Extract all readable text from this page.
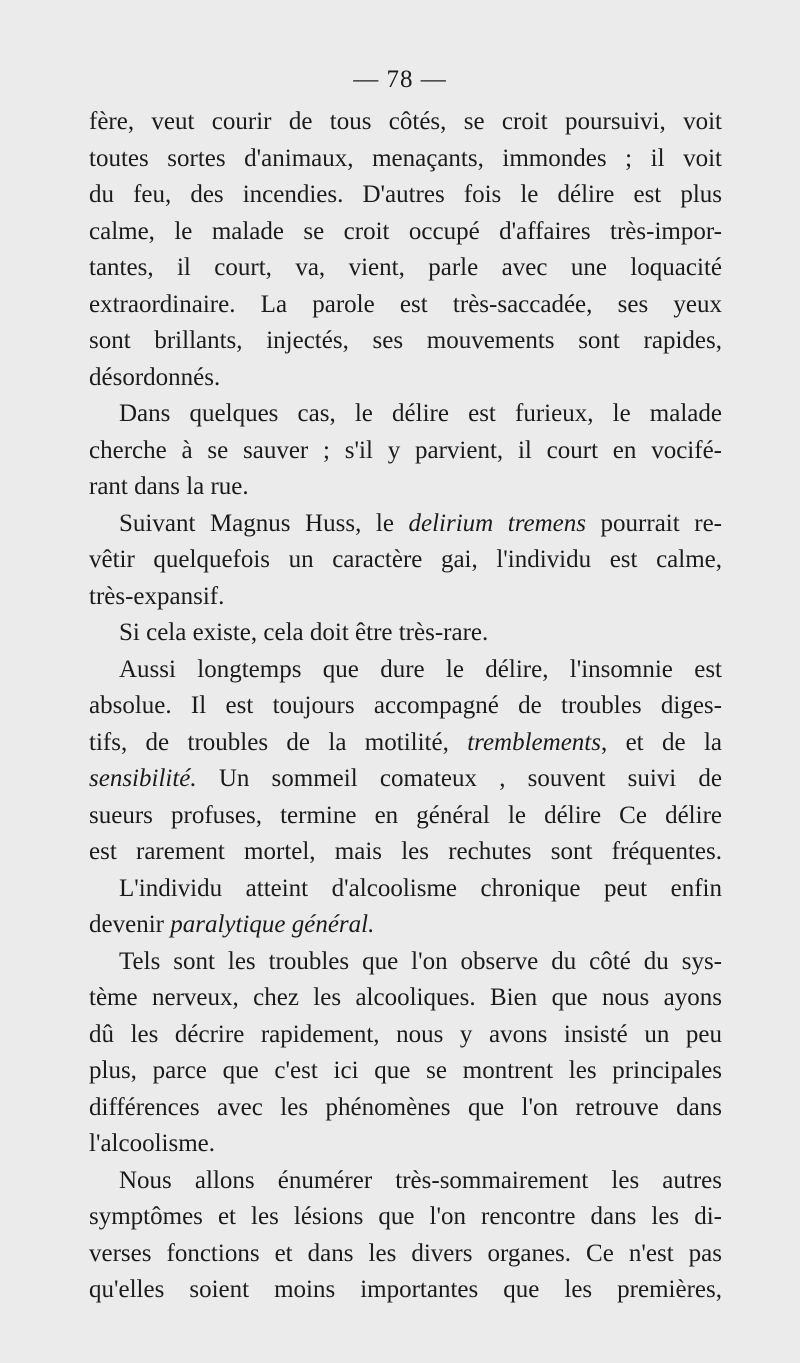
— 78 —
fère, veut courir de tous côtés, se croit poursuivi, voit
toutes sortes d'animaux, menaçants, immondes ; il voit
du feu, des incendies. D'autres fois le délire est plus
calme, le malade se croit occupé d'affaires très-impor-
tantes, il court, va, vient, parle avec une loquacité
extraordinaire. La parole est très-saccadée, ses yeux
sont brillants, injectés, ses mouvements sont rapides,
désordonnés.
Dans quelques cas, le délire est furieux, le malade
cherche à se sauver ; s'il y parvient, il court en vocifé-
rant dans la rue.
Suivant Magnus Huss, le delirium tremens pourrait re-
vêtir quelquefois un caractère gai, l'individu est calme,
très-expansif.
Si cela existe, cela doit être très-rare.
Aussi longtemps que dure le délire, l'insomnie est
absolue. Il est toujours accompagné de troubles diges-
tifs, de troubles de la motilité, tremblements, et de la
sensibilité. Un sommeil comateux , souvent suivi de
sueurs profuses, termine en général le délire Ce délire
est rarement mortel, mais les rechutes sont fréquentes.
L'individu atteint d'alcoolisme chronique peut enfin
devenir paralytique général.
Tels sont les troubles que l'on observe du côté du sys-
tème nerveux, chez les alcooliques. Bien que nous ayons
dû les décrire rapidement, nous y avons insisté un peu
plus, parce que c'est ici que se montrent les principales
différences avec les phénomènes que l'on retrouve dans
l'alcoolisme.
Nous allons énumérer très-sommairement les autres
symptômes et les lésions que l'on rencontre dans les di-
verses fonctions et dans les divers organes. Ce n'est pas
qu'elles soient moins importantes que les premières,
